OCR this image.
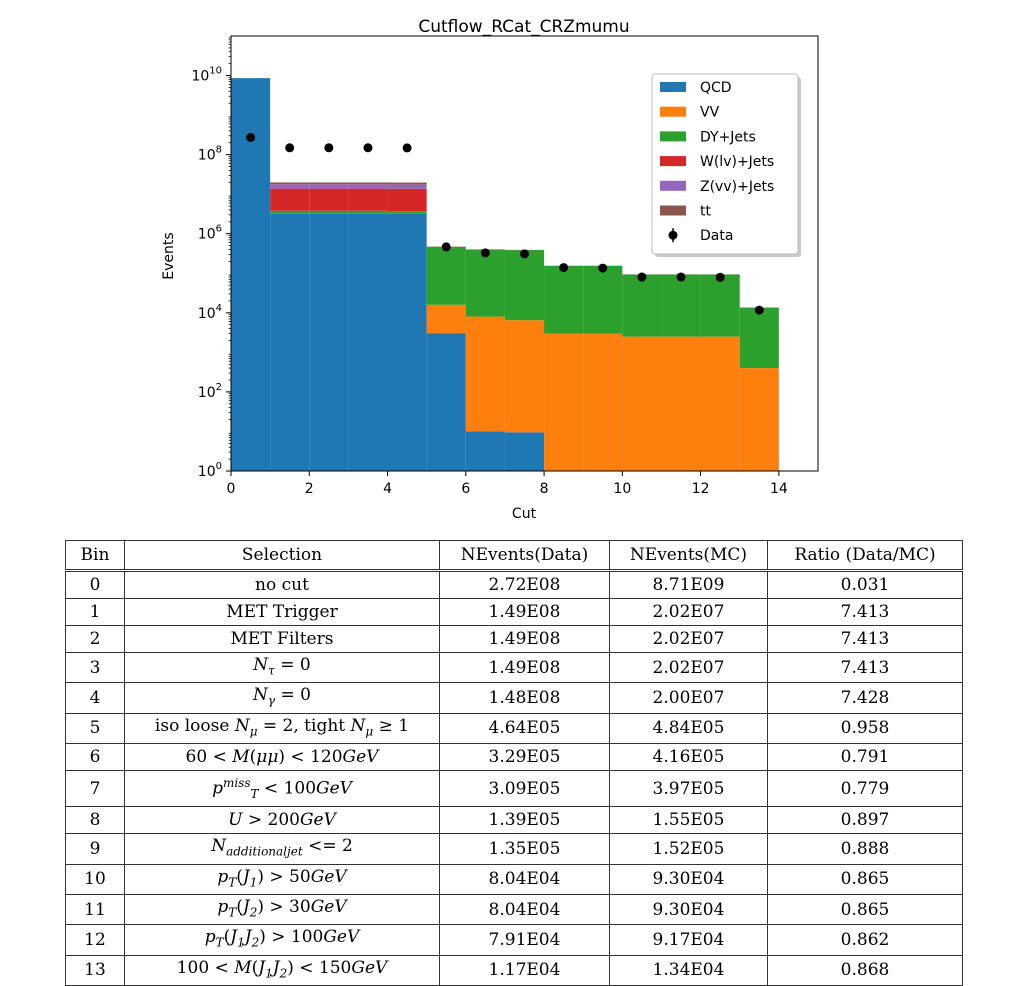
Cutflow_RCat_CRZmumu
0	2	4	6	8	10	12	14
$10^0$
$10^2$
$10^4$
$10^6$
$10^8$
$10^{10}$
Cut
Events
QCD
VV
DY+Jets
W(lv)+Jets
Z(vv)+Jets
tt
Data
Bin	Selection	NEvents(Data)	NEvents(MC)	Ratio (Data/MC)
0	no cut	2.72E08	8.71E09	0.031
1	MET Trigger	1.49E08	2.02E07	7.413
2	MET Filters	1.49E08	2.02E07	7.413
3	$N_\tau = 0$	1.49E08	2.02E07	7.413
4	$N_\gamma = 0$	1.48E08	2.00E07	7.428
5	iso loose $N_\mu = 2$, tight $N_\mu \ge 1$	4.64E05	4.84E05	0.958
6	60 < M(μμ) < 120GeV	3.29E05	4.16E05	0.791
7	$p^{miss}_T < 100GeV$	3.09E05	3.97E05	0.779
8	U > 200GeV	1.39E05	1.55E05	0.897
9	$N_{additionaljet} <= 2$	1.35E05	1.52E05	0.888
10	$p_T(J_1) > 50GeV$	8.04E04	9.30E04	0.865
11	$p_T(J_2) > 30GeV$	8.04E04	9.30E04	0.865
12	$p_T(J_1J_2) > 100GeV$	7.91E04	9.17E04	0.862
13	$100 < M(J_1J_2) < 150GeV$	1.17E04	1.34E04	0.868
